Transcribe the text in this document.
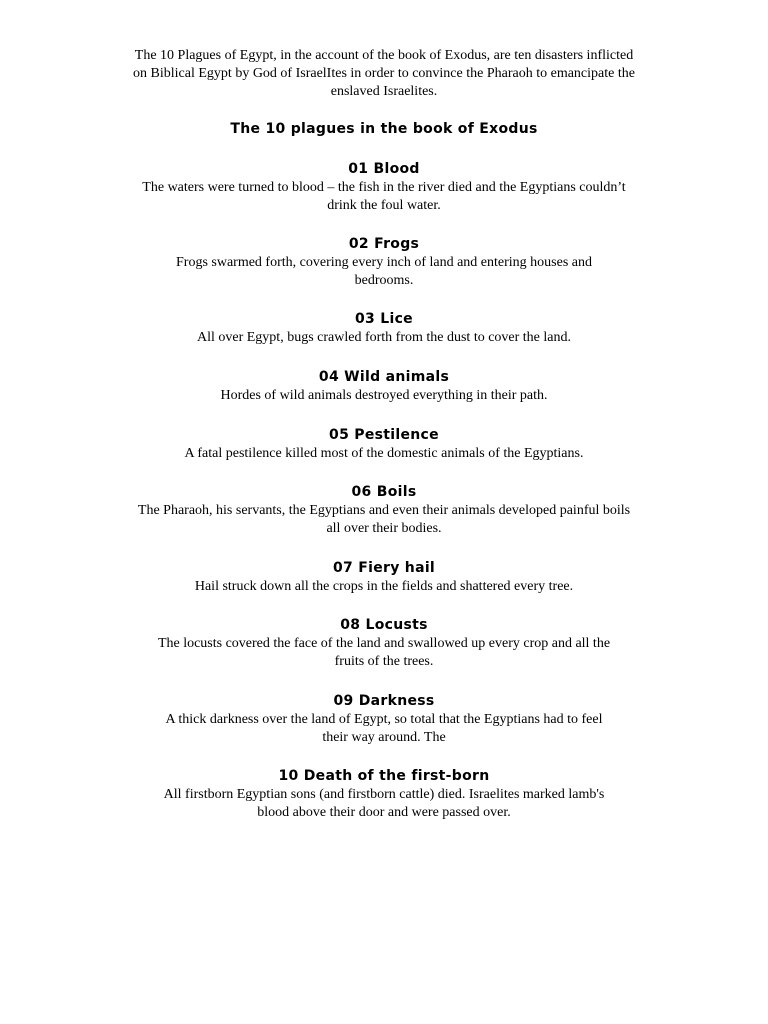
The 10 Plagues of Egypt, in the account of the book of Exodus, are ten disasters inflicted on Biblical Egypt by God of IsraelItes in order to convince the Pharaoh to emancipate the enslaved Israelites.

The 10 plagues in the book of Exodus
01 Blood

The waters were turned to blood – the fish in the river died and the Egyptians couldn’t drink the foul water.

02 Frogs

Frogs swarmed forth, covering every inch of land and entering houses and bedrooms.

03 Lice

All over Egypt, bugs crawled forth from the dust to cover the land.

04 Wild animals

Hordes of wild animals destroyed everything in their path.

05 Pestilence

A fatal pestilence killed most of the domestic animals of the Egyptians.

06 Boils

The Pharaoh, his servants, the Egyptians and even their animals developed painful boils all over their bodies.

07 Fiery hail

Hail struck down all the crops in the fields and shattered every tree.

08 Locusts

The locusts covered the face of the land and swallowed up every crop and all the fruits of the trees.

09 Darkness

A thick darkness over the land of Egypt, so total that the Egyptians had to feel their way around. The

10 Death of the first-born

All firstborn Egyptian sons (and firstborn cattle) died. Israelites marked lamb's blood above their door and were passed over.
